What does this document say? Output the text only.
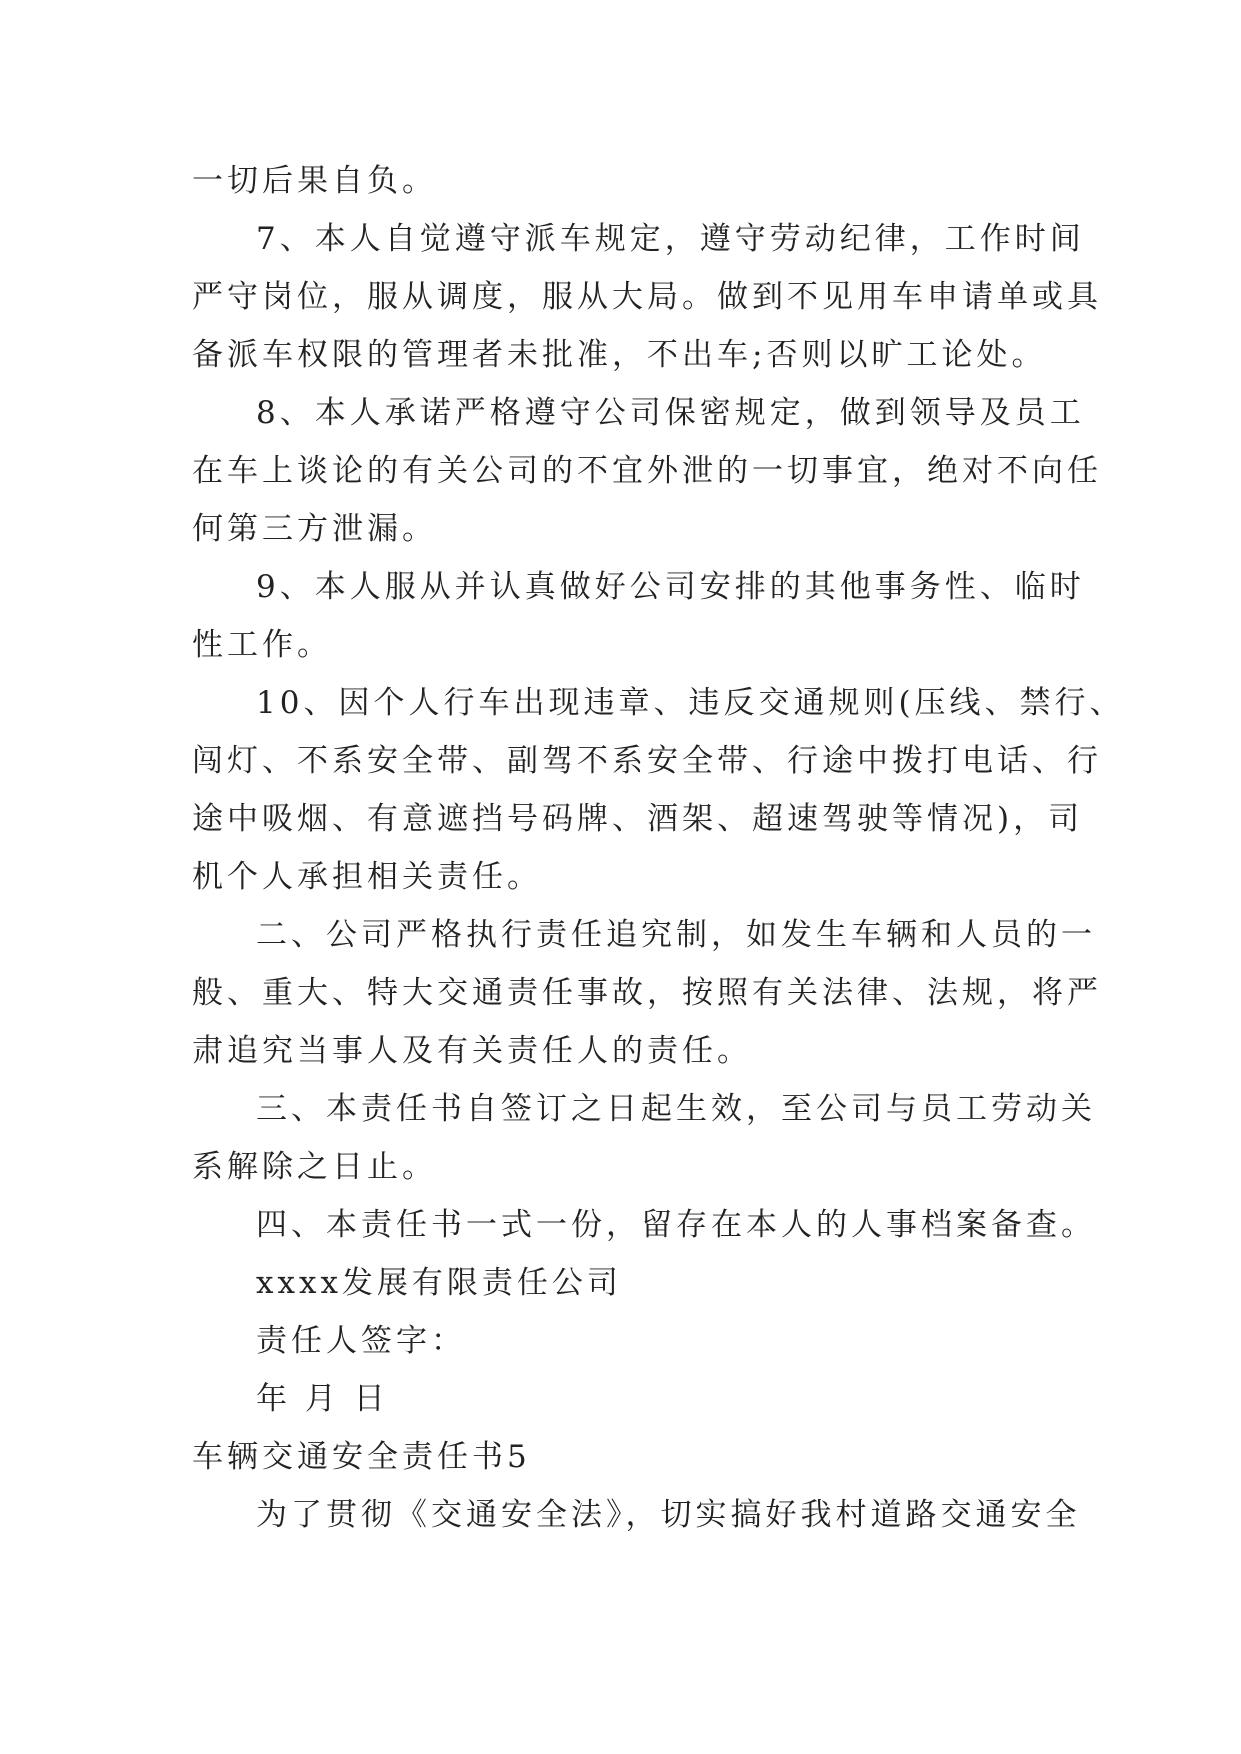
一切后果自负。
7、本人自觉遵守派车规定，遵守劳动纪律，工作时间
严守岗位，服从调度，服从大局。做到不见用车申请单或具
备派车权限的管理者未批准，不出车;否则以旷工论处。
8、本人承诺严格遵守公司保密规定，做到领导及员工
在车上谈论的有关公司的不宜外泄的一切事宜，绝对不向任
何第三方泄漏。
9、本人服从并认真做好公司安排的其他事务性、临时
性工作。
10、因个人行车出现违章、违反交通规则(压线、禁行、
闯灯、不系安全带、副驾不系安全带、行途中拨打电话、行
途中吸烟、有意遮挡号码牌、酒架、超速驾驶等情况)，司
机个人承担相关责任。
二、公司严格执行责任追究制，如发生车辆和人员的一
般、重大、特大交通责任事故，按照有关法律、法规，将严
肃追究当事人及有关责任人的责任。
三、本责任书自签订之日起生效，至公司与员工劳动关
系解除之日止。
四、本责任书一式一份，留存在本人的人事档案备查。
xxxx发展有限责任公司
责任人签字：
年 月 日
车辆交通安全责任书5
为了贯彻《交通安全法》，切实搞好我村道路交通安全
